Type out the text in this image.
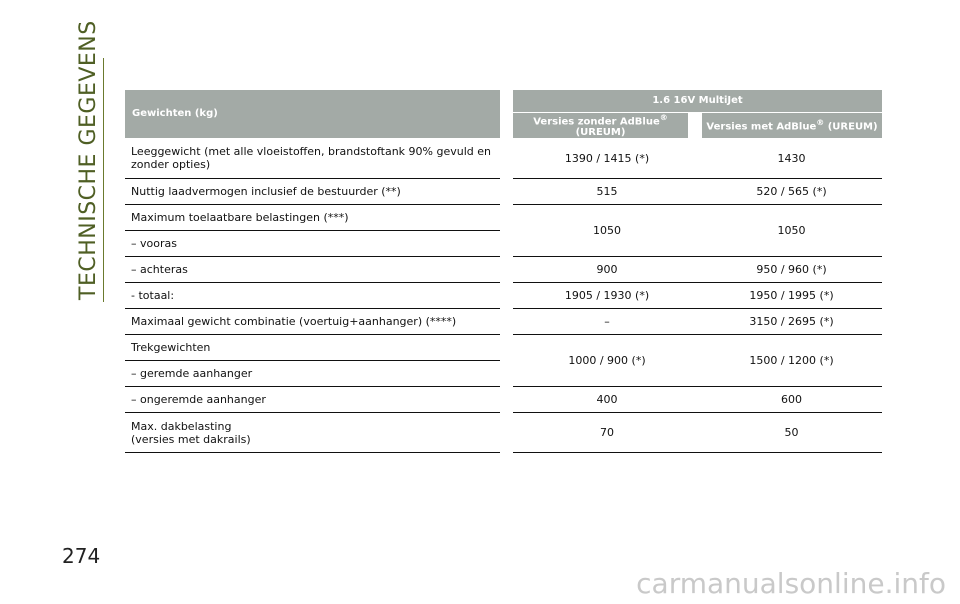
TECHNISCHE GEGEVENS	Gewichten (kg)		1.6 16V MultiJet		
		Versies zonder AdBlue® (UREUM)		Versies met AdBlue® (UREUM)
Leeggewicht (met alle vloeistoffen, brandstoftank 90% gevuld en zonder opties)		1390 / 1415 (*) 1430		

Nuttig laadvermogen inclusief de bestuurder (**)		515 520 / 565 (*)		

Maximum toelaatbare belastingen (***)		1050 1050		

– vooras				
– achteras		900 950 / 960 (*)		

- totaal:		1905 / 1930 (*) 1950 / 1995 (*)		

Maximaal gewicht combinatie (voertuig+aanhanger) (****)		– 3150 / 2695 (*)		

Trekgewichten		1000 / 900 (*) 1500 / 1200 (*)		

– geremde aanhanger				
– ongeremde aanhanger		400 600		

Max. dakbelasting
(versies met dakrails)		70 50		
274
carmanualsonline.info
